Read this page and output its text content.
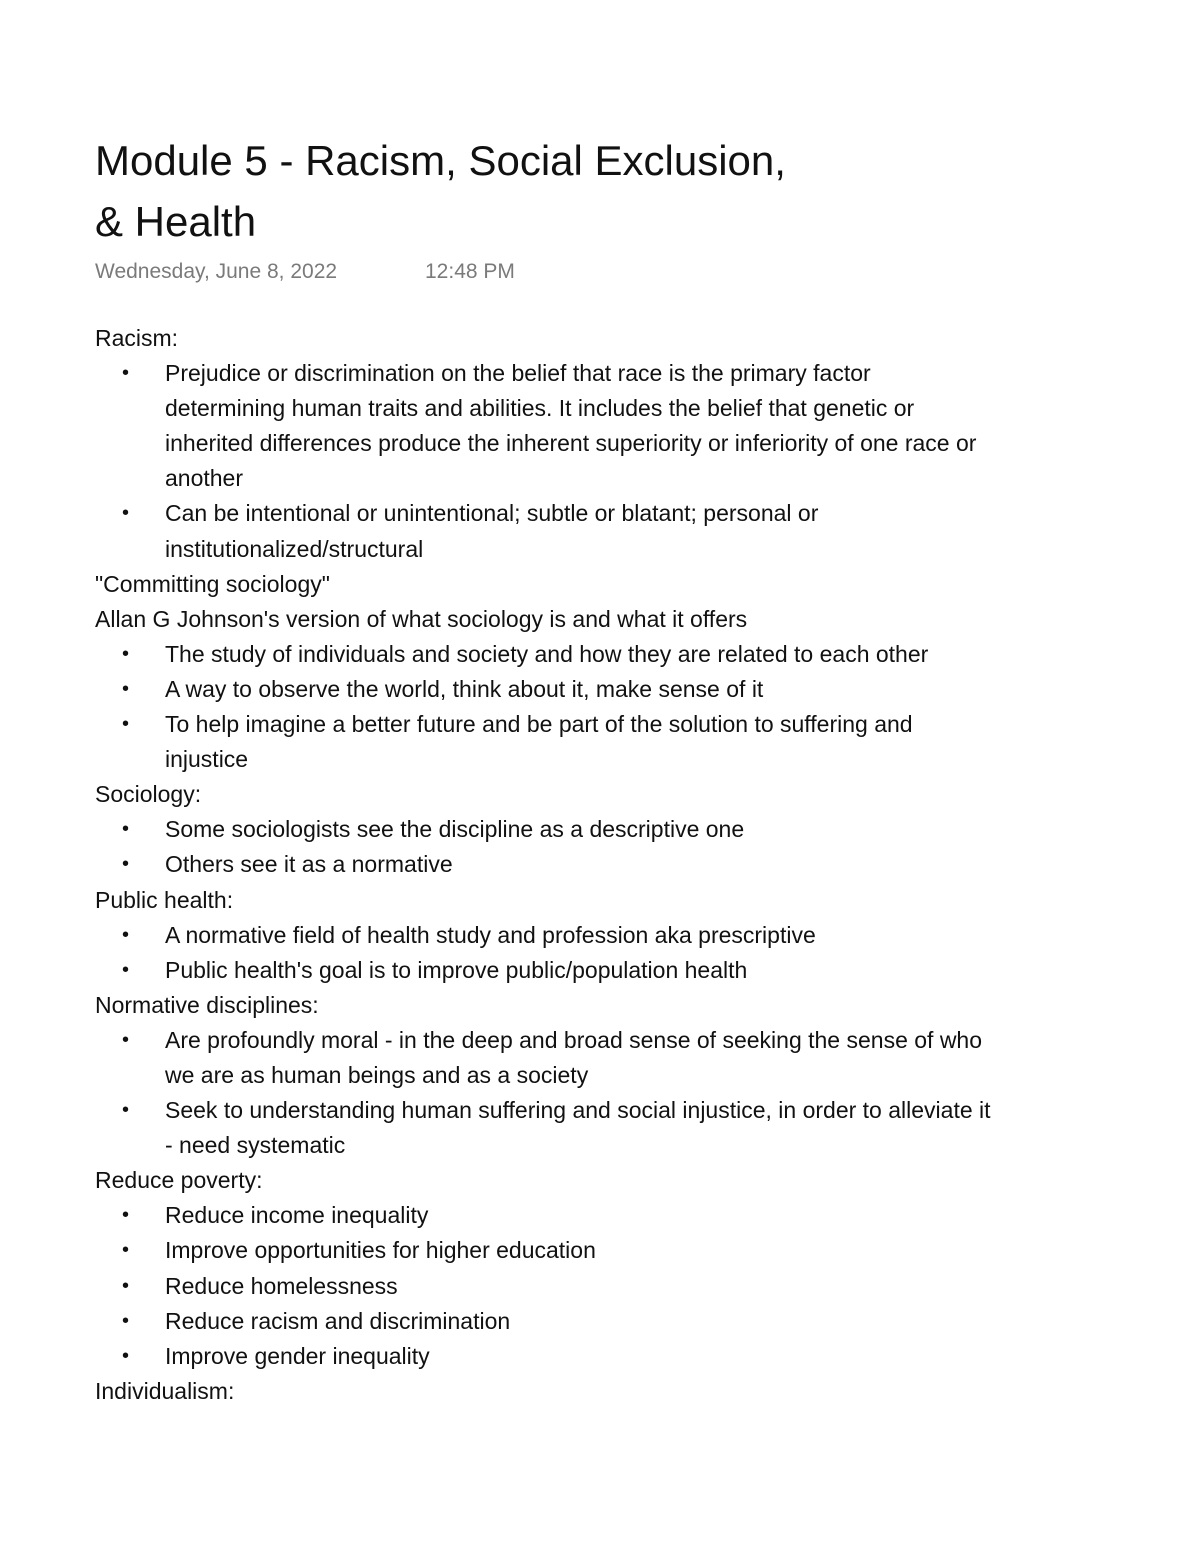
Module 5 - Racism, Social Exclusion,
& Health
Wednesday, June 8, 2022	12:48 PM
Racism:
• Prejudice or discrimination on the belief that race is the primary factor determining human traits and abilities. It includes the belief that genetic or inherited differences produce the inherent superiority or inferiority of one race or another
• Can be intentional or unintentional; subtle or blatant; personal or institutionalized/structural
"Committing sociology"
Allan G Johnson's version of what sociology is and what it offers
• The study of individuals and society and how they are related to each other
• A way to observe the world, think about it, make sense of it
• To help imagine a better future and be part of the solution to suffering and injustice
Sociology:
• Some sociologists see the discipline as a descriptive one
• Others see it as a normative
Public health:
• A normative field of health study and profession aka prescriptive
• Public health's goal is to improve public/population health
Normative disciplines:
• Are profoundly moral - in the deep and broad sense of seeking the sense of who we are as human beings and as a society
• Seek to understanding human suffering and social injustice, in order to alleviate it - need systematic
Reduce poverty:
• Reduce income inequality
• Improve opportunities for higher education
• Reduce homelessness
• Reduce racism and discrimination
• Improve gender inequality
Individualism:
